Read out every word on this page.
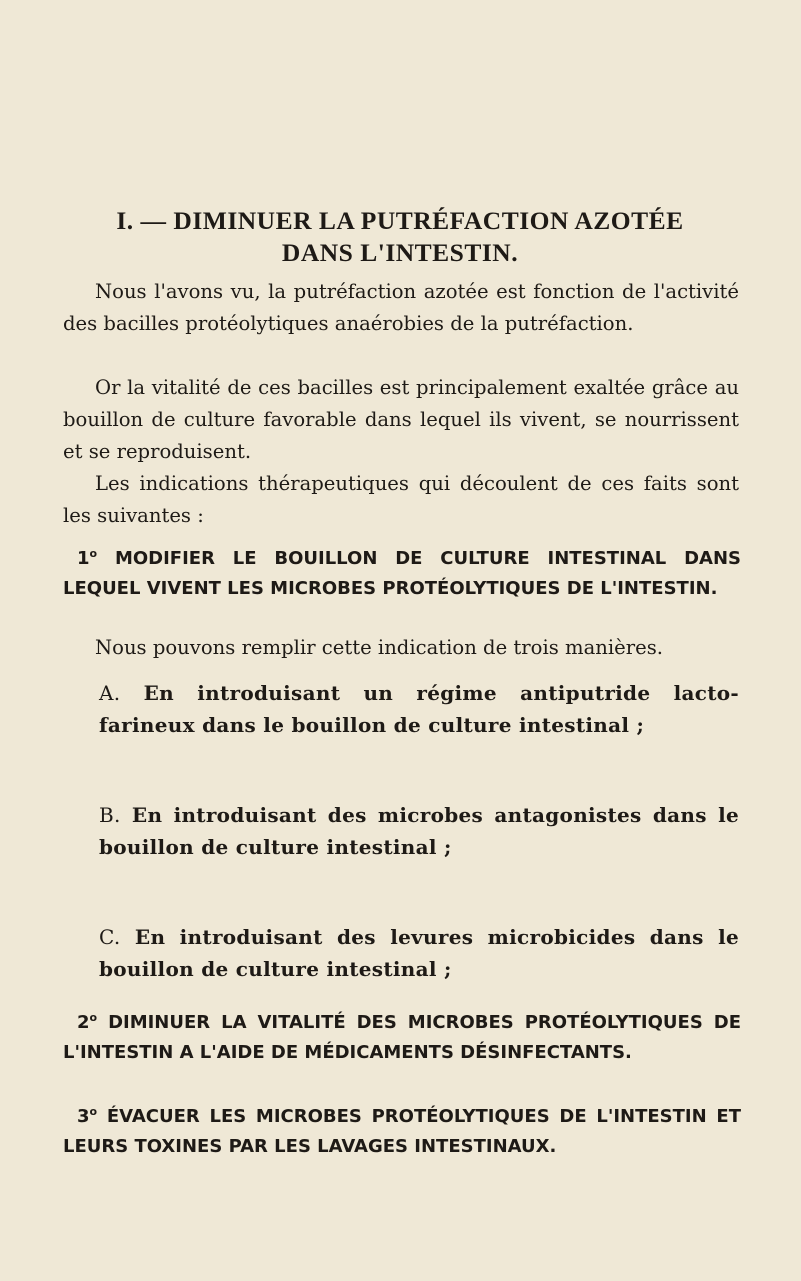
I. — DIMINUER LA PUTRÉFACTION AZOTÉE
DANS L'INTESTIN.

Nous l'avons vu, la putréfaction azotée est fonction de l'activité des bacilles protéolytiques anaérobies de la putréfaction.

Or la vitalité de ces bacilles est principalement exaltée grâce au bouillon de culture favorable dans lequel ils vivent, se nourrissent et se reproduisent.

Les indications thérapeutiques qui découlent de ces faits sont les suivantes :

1$^o$ MODIFIER LE BOUILLON DE CULTURE INTESTINAL DANS LEQUEL VIVENT LES MICROBES PROTÉOLYTIQUES DE L'INTESTIN.

Nous pouvons remplir cette indication de trois manières.

A. En introduisant un régime antiputride lacto-farineux dans le bouillon de culture intestinal ;

B. En introduisant des microbes antagonistes dans le bouillon de culture intestinal ;

C. En introduisant des levures microbicides dans le bouillon de culture intestinal ;

2$^o$ DIMINUER LA VITALITÉ DES MICROBES PROTÉOLYTIQUES DE L'INTESTIN A L'AIDE DE MÉDICAMENTS DÉSINFECTANTS.

3$^o$ ÉVACUER LES MICROBES PROTÉOLYTIQUES DE L'INTESTIN ET LEURS TOXINES PAR LES LAVAGES INTESTINAUX.
